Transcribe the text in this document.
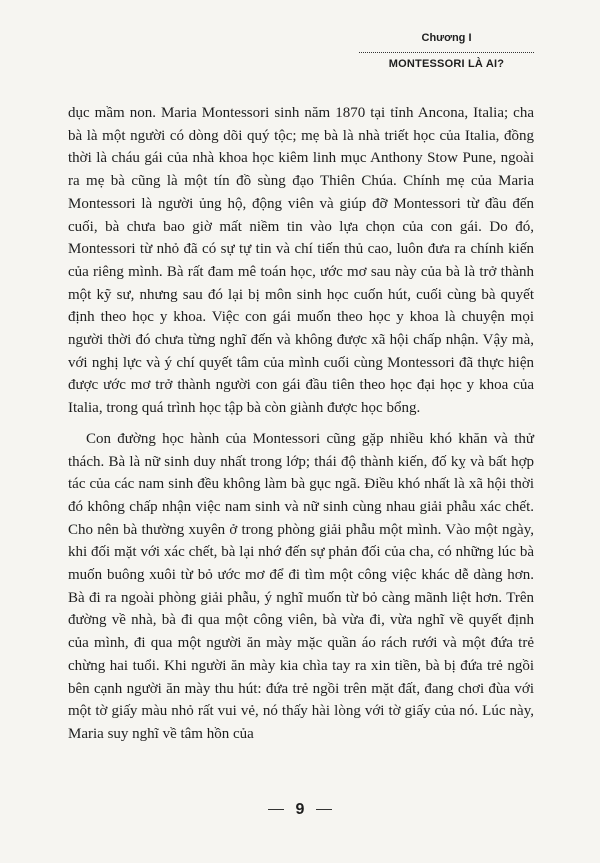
Chương I
MONTESSORI LÀ AI?

dục mầm non. Maria Montessori sinh năm 1870 tại tỉnh Ancona, Italia; cha bà là một người có dòng dõi quý tộc; mẹ bà là nhà triết học của Italia, đồng thời là cháu gái của nhà khoa học kiêm linh mục Anthony Stow Pune, ngoài ra mẹ bà cũng là một tín đồ sùng đạo Thiên Chúa. Chính mẹ của Maria Montessori là người ủng hộ, động viên và giúp đỡ Montessori từ đầu đến cuối, bà chưa bao giờ mất niềm tin vào lựa chọn của con gái. Do đó, Montessori từ nhỏ đã có sự tự tin và chí tiến thủ cao, luôn đưa ra chính kiến của riêng mình. Bà rất đam mê toán học, ước mơ sau này của bà là trở thành một kỹ sư, nhưng sau đó lại bị môn sinh học cuốn hút, cuối cùng bà quyết định theo học y khoa. Việc con gái muốn theo học y khoa là chuyện mọi người thời đó chưa từng nghĩ đến và không được xã hội chấp nhận. Vậy mà, với nghị lực và ý chí quyết tâm của mình cuối cùng Montessori đã thực hiện được ước mơ trở thành người con gái đầu tiên theo học đại học y khoa của Italia, trong quá trình học tập bà còn giành được học bổng.

Con đường học hành của Montessori cũng gặp nhiều khó khăn và thử thách. Bà là nữ sinh duy nhất trong lớp; thái độ thành kiến, đố kỵ và bất hợp tác của các nam sinh đều không làm bà gục ngã. Điều khó nhất là xã hội thời đó không chấp nhận việc nam sinh và nữ sinh cùng nhau giải phẫu xác chết. Cho nên bà thường xuyên ở trong phòng giải phẫu một mình. Vào một ngày, khi đối mặt với xác chết, bà lại nhớ đến sự phản đối của cha, có những lúc bà muốn buông xuôi từ bỏ ước mơ để đi tìm một công việc khác dễ dàng hơn. Bà đi ra ngoài phòng giải phẫu, ý nghĩ muốn từ bỏ càng mãnh liệt hơn. Trên đường về nhà, bà đi qua một công viên, bà vừa đi, vừa nghĩ về quyết định của mình, đi qua một người ăn mày mặc quần áo rách rưới và một đứa trẻ chừng hai tuổi. Khi người ăn mày kia chìa tay ra xin tiền, bà bị đứa trẻ ngồi bên cạnh người ăn mày thu hút: đứa trẻ ngồi trên mặt đất, đang chơi đùa với một tờ giấy màu nhỏ rất vui vẻ, nó thấy hài lòng với tờ giấy của nó. Lúc này, Maria suy nghĩ về tâm hồn của

9
